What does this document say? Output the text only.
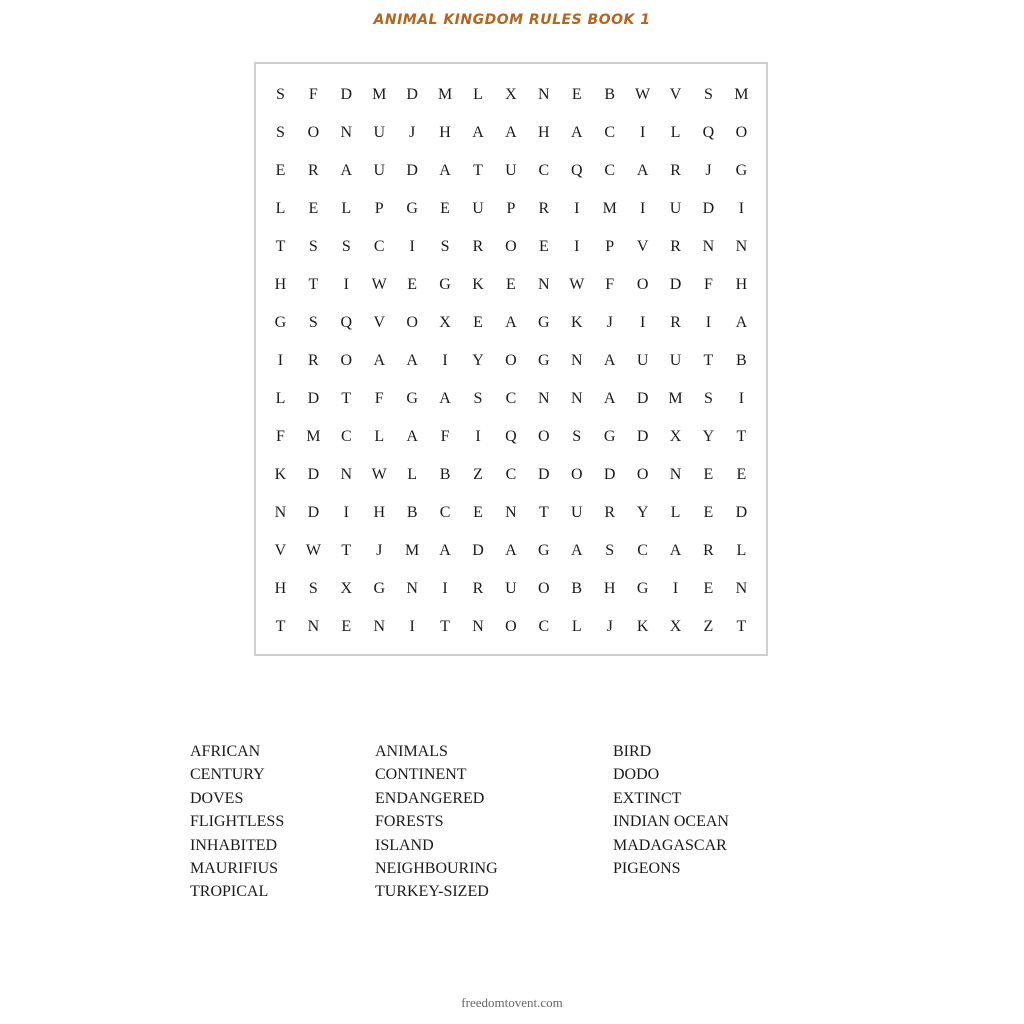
ANIMAL KINGDOM RULES BOOK 1
S	F	D	M	D	M	L	X	N	E	B	W	V	S	M
S	O	N	U	J	H	A	A	H	A	C	I	L	Q	O
E	R	A	U	D	A	T	U	C	Q	C	A	R	J	G
L	E	L	P	G	E	U	P	R	I	M	I	U	D	I
T	S	S	C	I	S	R	O	E	I	P	V	R	N	N
H	T	I	W	E	G	K	E	N	W	F	O	D	F	H
G	S	Q	V	O	X	E	A	G	K	J	I	R	I	A
I	R	O	A	A	I	Y	O	G	N	A	U	U	T	B
L	D	T	F	G	A	S	C	N	N	A	D	M	S	I
F	M	C	L	A	F	I	Q	O	S	G	D	X	Y	T
K	D	N	W	L	B	Z	C	D	O	D	O	N	E	E
N	D	I	H	B	C	E	N	T	U	R	Y	L	E	D
V	W	T	J	M	A	D	A	G	A	S	C	A	R	L
H	S	X	G	N	I	R	U	O	B	H	G	I	E	N
T	N	E	N	I	T	N	O	C	L	J	K	X	Z	T
AFRICAN
CENTURY
DOVES
FLIGHTLESS
INHABITED
MAURIFIUS
TROPICAL
ANIMALS
CONTINENT
ENDANGERED
FORESTS
ISLAND
NEIGHBOURING
TURKEY-SIZED
BIRD
DODO
EXTINCT
INDIAN OCEAN
MADAGASCAR
PIGEONS
freedomtovent.com
